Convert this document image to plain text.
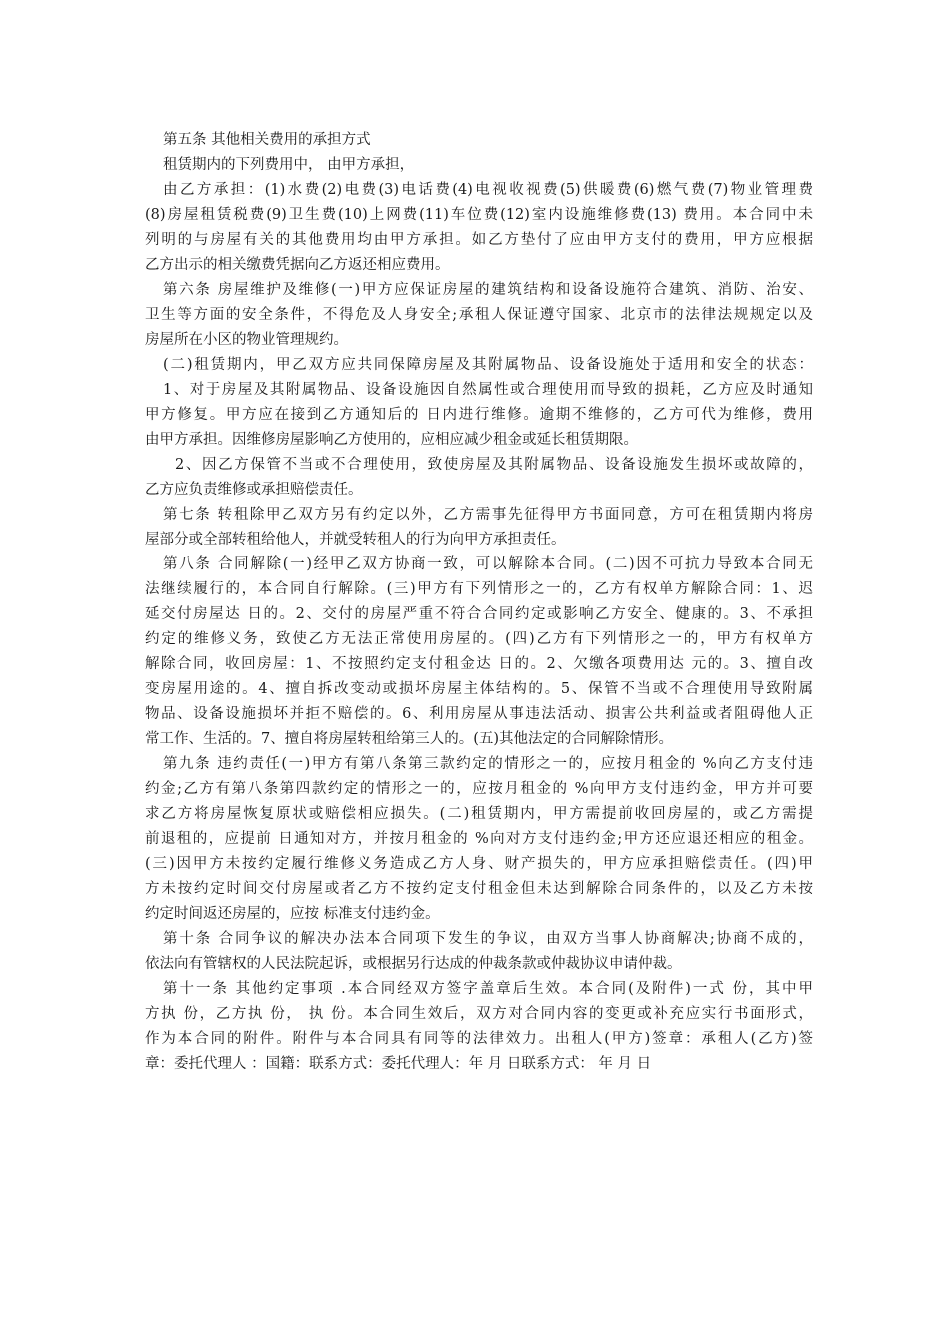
第五条 其他相关费用的承担方式
租赁期内的下列费用中， 由甲方承担，
由乙方承担：(1)水费(2)电费(3)电话费(4)电视收视费(5)供暖费(6)燃气费(7)物业管理费
(8)房屋租赁税费(9)卫生费(10)上网费(11)车位费(12)室内设施维修费(13) 费用。本合同中未
列明的与房屋有关的其他费用均由甲方承担。如乙方垫付了应由甲方支付的费用，甲方应根据
乙方出示的相关缴费凭据向乙方返还相应费用。
第六条 房屋维护及维修(一)甲方应保证房屋的建筑结构和设备设施符合建筑、消防、治安、
卫生等方面的安全条件，不得危及人身安全;承租人保证遵守国家、北京市的法律法规规定以及
房屋所在小区的物业管理规约。
(二)租赁期内，甲乙双方应共同保障房屋及其附属物品、设备设施处于适用和安全的状态：
1、对于房屋及其附属物品、设备设施因自然属性或合理使用而导致的损耗，乙方应及时通知
甲方修复。甲方应在接到乙方通知后的 日内进行维修。逾期不维修的，乙方可代为维修，费用
由甲方承担。因维修房屋影响乙方使用的，应相应减少租金或延长租赁期限。
2、因乙方保管不当或不合理使用，致使房屋及其附属物品、设备设施发生损坏或故障的，
乙方应负责维修或承担赔偿责任。
第七条 转租除甲乙双方另有约定以外，乙方需事先征得甲方书面同意，方可在租赁期内将房
屋部分或全部转租给他人，并就受转租人的行为向甲方承担责任。
第八条 合同解除(一)经甲乙双方协商一致，可以解除本合同。(二)因不可抗力导致本合同无
法继续履行的，本合同自行解除。(三)甲方有下列情形之一的，乙方有权单方解除合同：1、迟
延交付房屋达 日的。2、交付的房屋严重不符合合同约定或影响乙方安全、健康的。3、不承担
约定的维修义务，致使乙方无法正常使用房屋的。(四)乙方有下列情形之一的，甲方有权单方
解除合同，收回房屋：1、不按照约定支付租金达 日的。2、欠缴各项费用达 元的。3、擅自改
变房屋用途的。4、擅自拆改变动或损坏房屋主体结构的。5、保管不当或不合理使用导致附属
物品、设备设施损坏并拒不赔偿的。6、利用房屋从事违法活动、损害公共利益或者阻碍他人正
常工作、生活的。7、擅自将房屋转租给第三人的。(五)其他法定的合同解除情形。
第九条 违约责任(一)甲方有第八条第三款约定的情形之一的，应按月租金的 %向乙方支付违
约金;乙方有第八条第四款约定的情形之一的，应按月租金的 %向甲方支付违约金，甲方并可要
求乙方将房屋恢复原状或赔偿相应损失。(二)租赁期内，甲方需提前收回房屋的，或乙方需提
前退租的，应提前 日通知对方，并按月租金的 %向对方支付违约金;甲方还应退还相应的租金。
(三)因甲方未按约定履行维修义务造成乙方人身、财产损失的，甲方应承担赔偿责任。(四)甲
方未按约定时间交付房屋或者乙方不按约定支付租金但未达到解除合同条件的，以及乙方未按
约定时间返还房屋的，应按 标准支付违约金。
第十条 合同争议的解决办法本合同项下发生的争议，由双方当事人协商解决;协商不成的，
依法向有管辖权的人民法院起诉，或根据另行达成的仲裁条款或仲裁协议申请仲裁。
第十一条 其他约定事项 .本合同经双方签字盖章后生效。本合同(及附件)一式 份，其中甲
方执 份，乙方执 份， 执 份。本合同生效后，双方对合同内容的变更或补充应实行书面形式，
作为本合同的附件。附件与本合同具有同等的法律效力。出租人(甲方)签章：承租人(乙方)签
章：委托代理人 ：国籍：联系方式：委托代理人：年 月 日联系方式： 年 月 日
